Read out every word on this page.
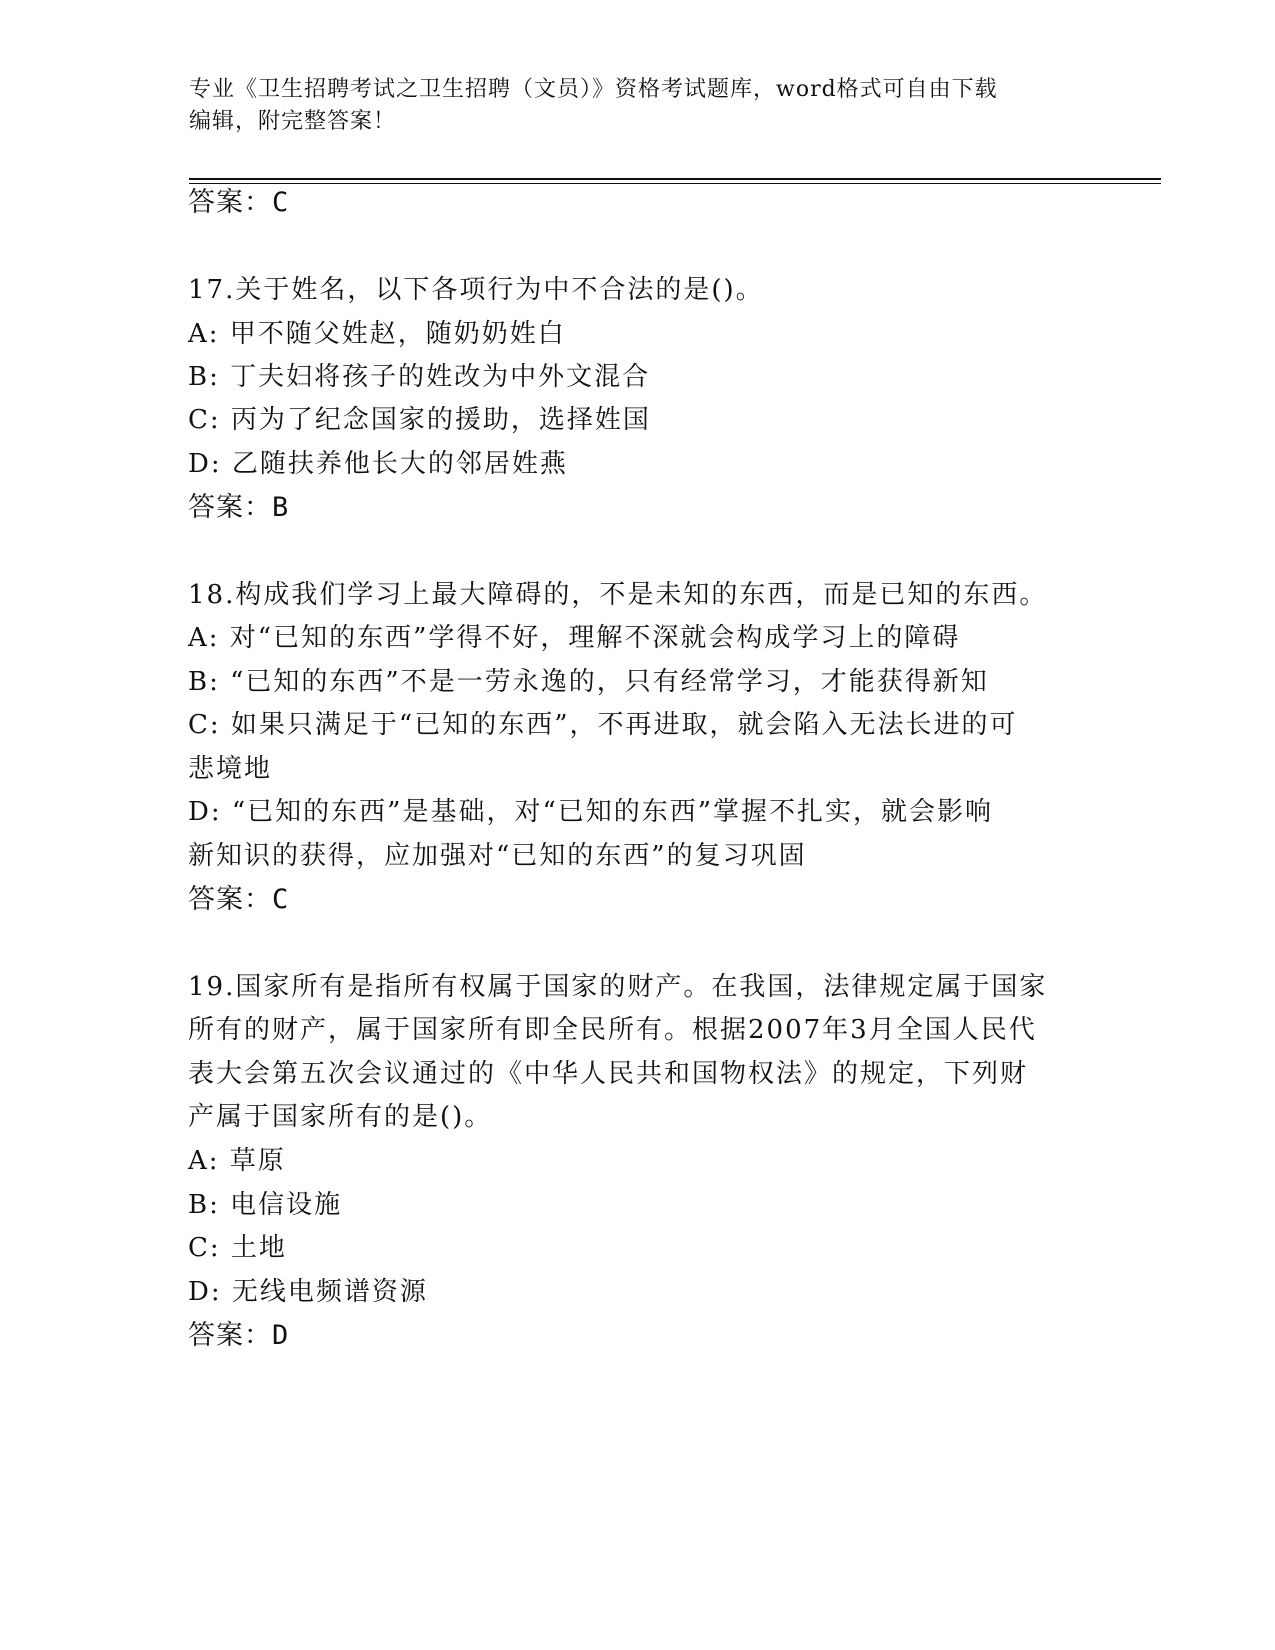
专业《卫生招聘考试之卫生招聘（文员）》资格考试题库，word格式可自由下载
编辑，附完整答案！
答案：C
17.关于姓名，以下各项行为中不合法的是()。
A: 甲不随父姓赵，随奶奶姓白
B: 丁夫妇将孩子的姓改为中外文混合
C: 丙为了纪念国家的援助，选择姓国
D: 乙随扶养他长大的邻居姓燕
答案：B
18.构成我们学习上最大障碍的，不是未知的东西，而是已知的东西。
A: 对“已知的东西”学得不好，理解不深就会构成学习上的障碍
B: “已知的东西”不是一劳永逸的，只有经常学习，才能获得新知
C: 如果只满足于“已知的东西”，不再进取，就会陷入无法长进的可
悲境地
D: “已知的东西”是基础，对“已知的东西”掌握不扎实，就会影响
新知识的获得，应加强对“已知的东西”的复习巩固
答案：C
19.国家所有是指所有权属于国家的财产。在我国，法律规定属于国家
所有的财产，属于国家所有即全民所有。根据2007年3月全国人民代
表大会第五次会议通过的《中华人民共和国物权法》的规定，下列财
产属于国家所有的是()。
A: 草原
B: 电信设施
C: 土地
D: 无线电频谱资源
答案：D
